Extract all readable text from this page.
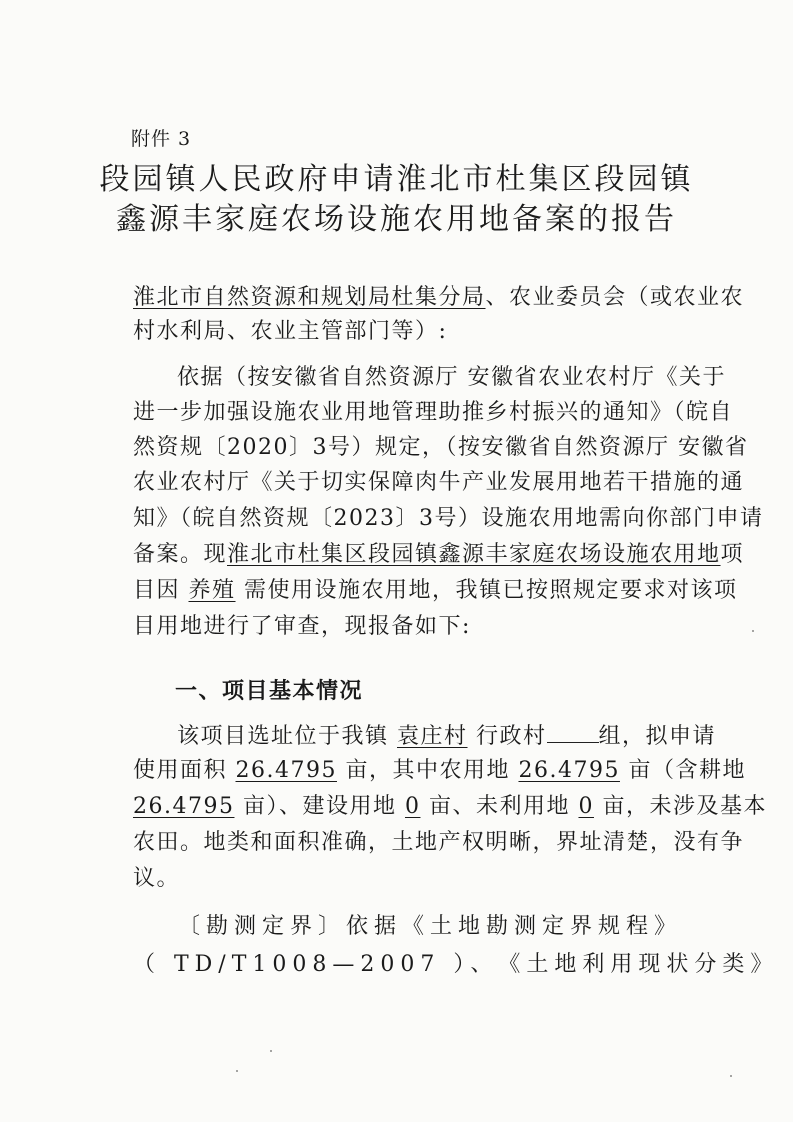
附件 3
段园镇人民政府申请淮北市杜集区段园镇
鑫源丰家庭农场设施农用地备案的报告
淮北市自然资源和规划局杜集分局、农业委员会（或农业农
村水利局、农业主管部门等）:
依据（按安徽省自然资源厅 安徽省农业农村厅《关于
进一步加强设施农业用地管理助推乡村振兴的通知》（皖自
然资规〔2020〕3号）规定，（按安徽省自然资源厅 安徽省
农业农村厅《关于切实保障肉牛产业发展用地若干措施的通
知》（皖自然资规〔2023〕3号）设施农用地需向你部门申请
备案。现淮北市杜集区段园镇鑫源丰家庭农场设施农用地项
目因 养殖 需使用设施农用地，我镇已按照规定要求对该项
目用地进行了审查，现报备如下:
一、项目基本情况
该项目选址位于我镇 袁庄村 行政村 组，拟申请
使用面积 26.4795 亩，其中农用地 26.4795 亩（含耕地
26.4795 亩）、建设用地 0 亩、未利用地 0 亩，未涉及基本
农田。地类和面积准确，土地产权明晰，界址清楚，没有争
议。
〔勘测定界〕依据 《土地勘测定界规程》
（ TD/T1008—2007 ）、 《土地利用现状分类》
